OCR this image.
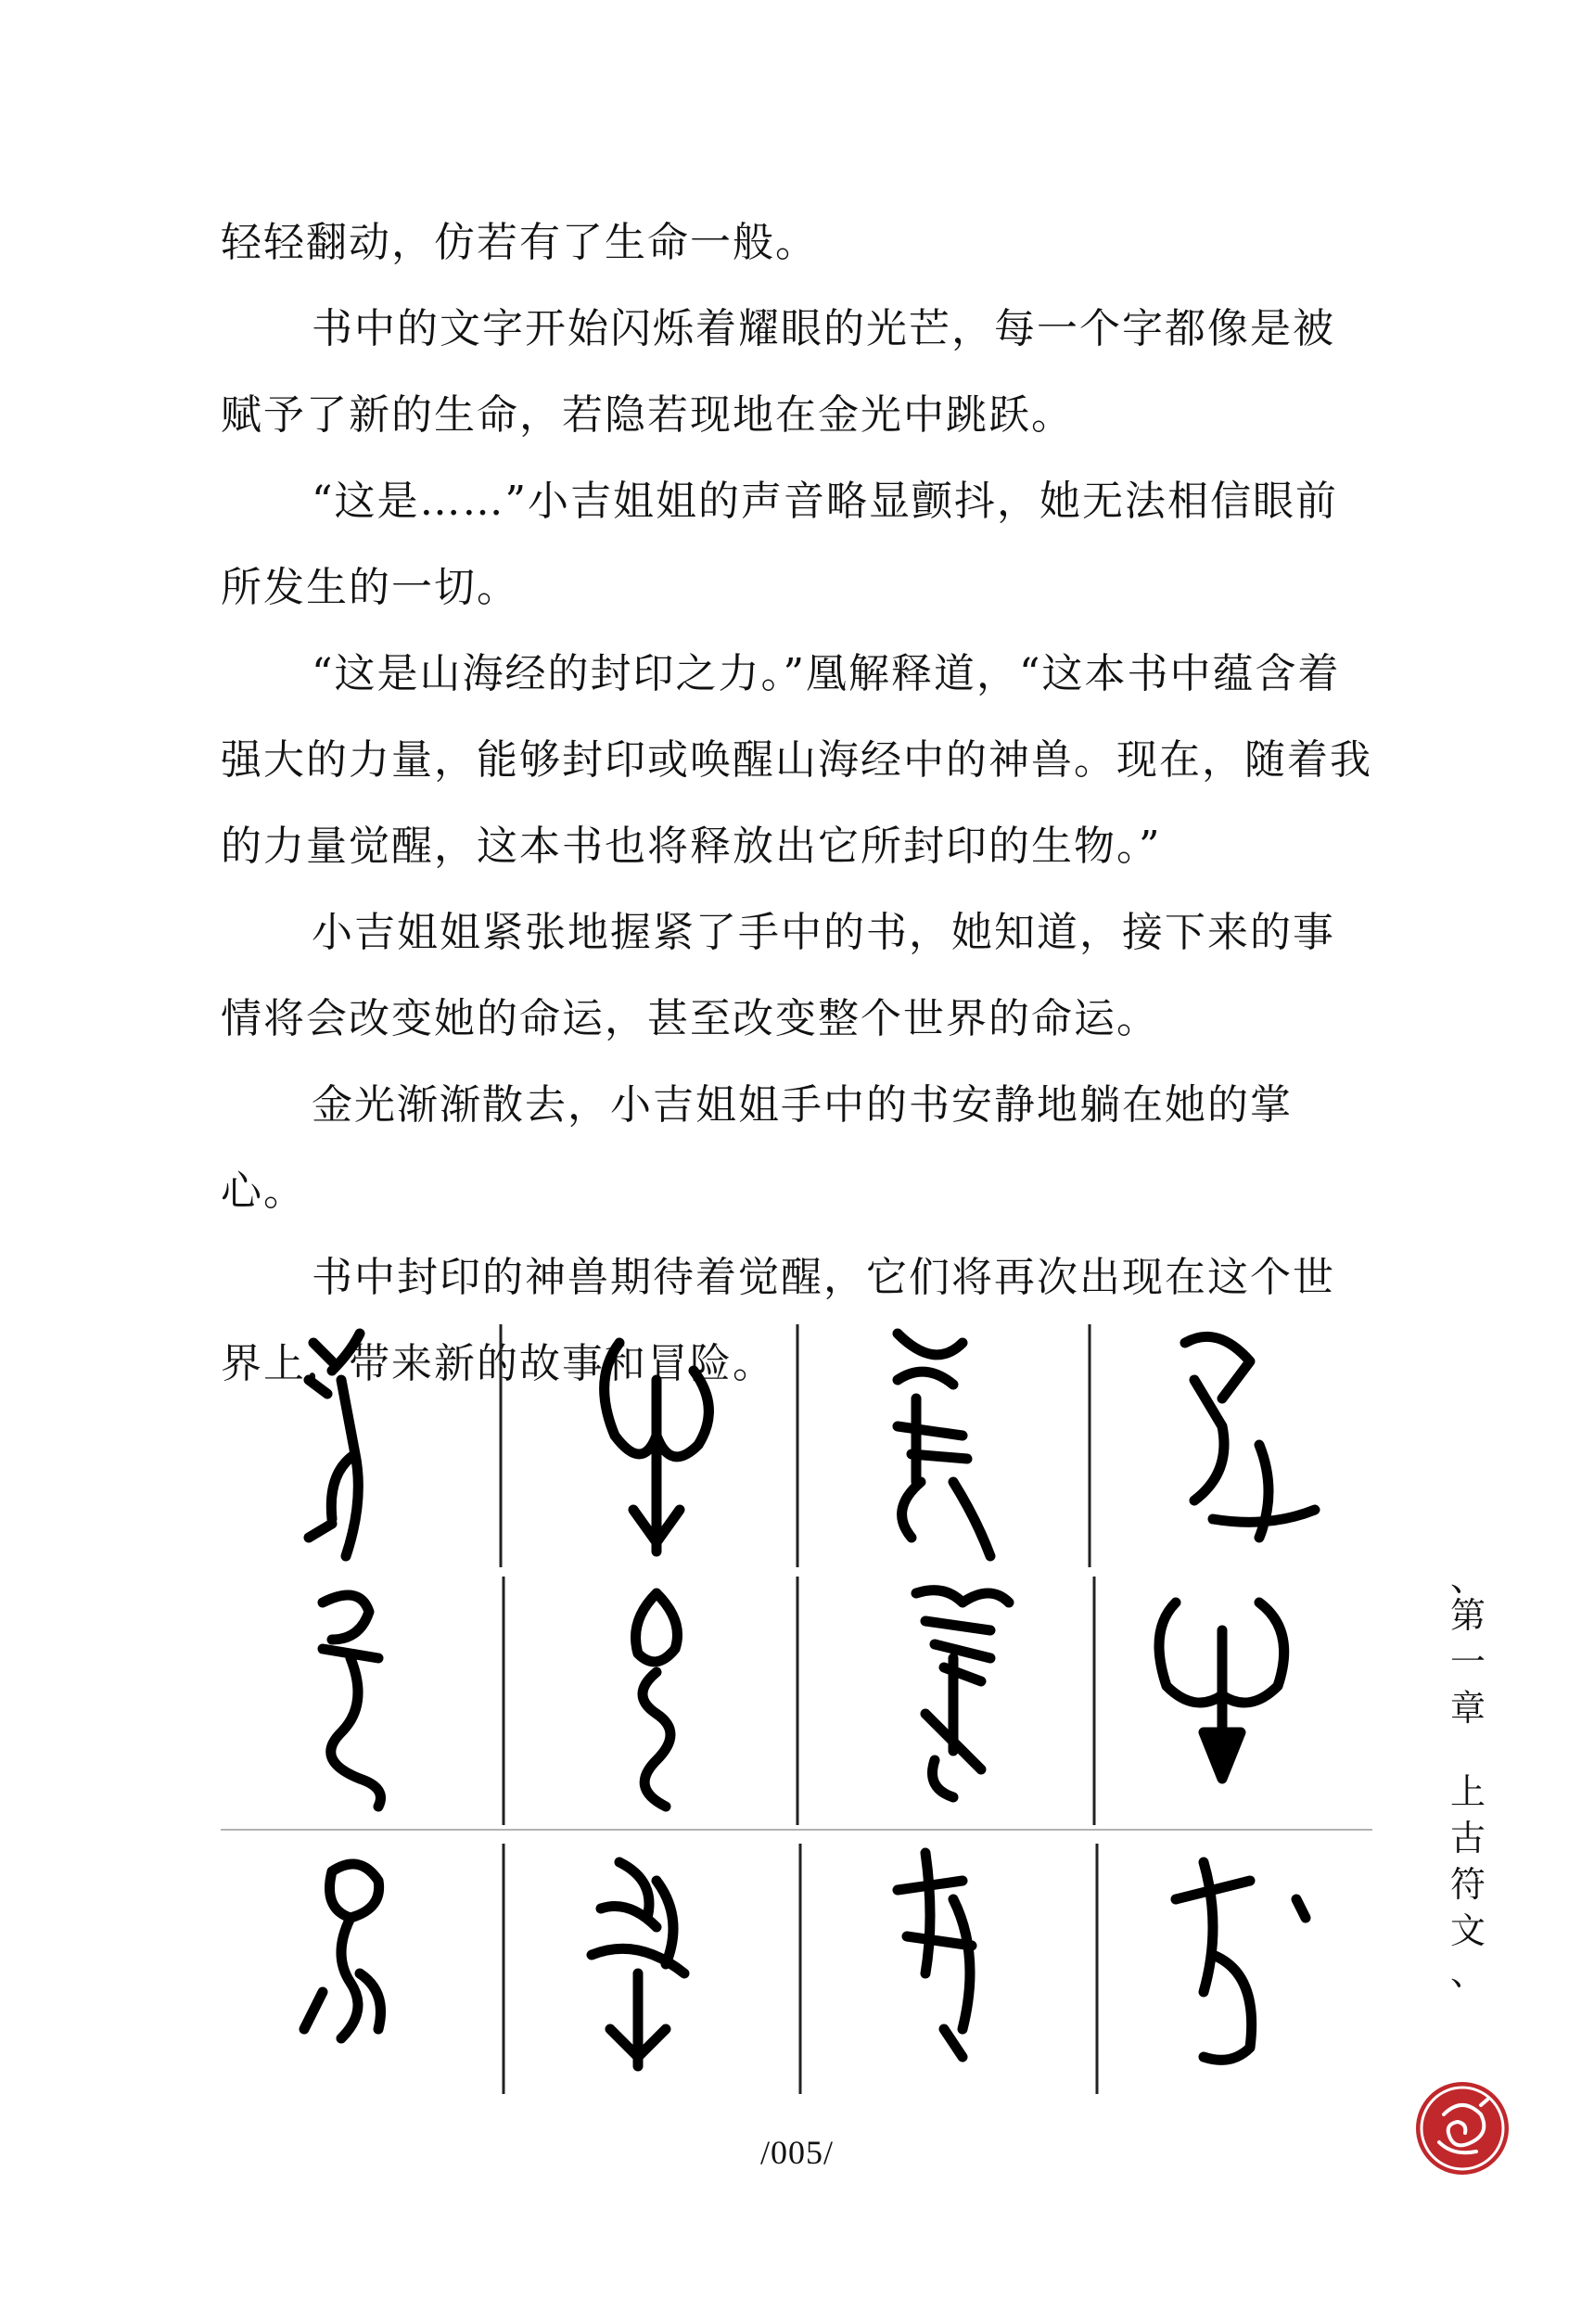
轻轻翻动，仿若有了生命一般。

书中的文字开始闪烁着耀眼的光芒，每一个字都像是被赋予了新的生命，若隐若现地在金光中跳跃。

“这是……”小吉姐姐的声音略显颤抖，她无法相信眼前所发生的一切。

“这是山海经的封印之力。”凰解释道，“这本书中蕴含着强大的力量，能够封印或唤醒山海经中的神兽。现在，随着我的力量觉醒，这本书也将释放出它所封印的生物。”

小吉姐姐紧张地握紧了手中的书，她知道，接下来的事情将会改变她的命运，甚至改变整个世界的命运。

金光渐渐散去，小吉姐姐手中的书安静地躺在她的掌心。

书中封印的神兽期待着觉醒，它们将再次出现在这个世界上，带来新的故事和冒险。

、
第
一
章
上
古
符
文
、
/005/
